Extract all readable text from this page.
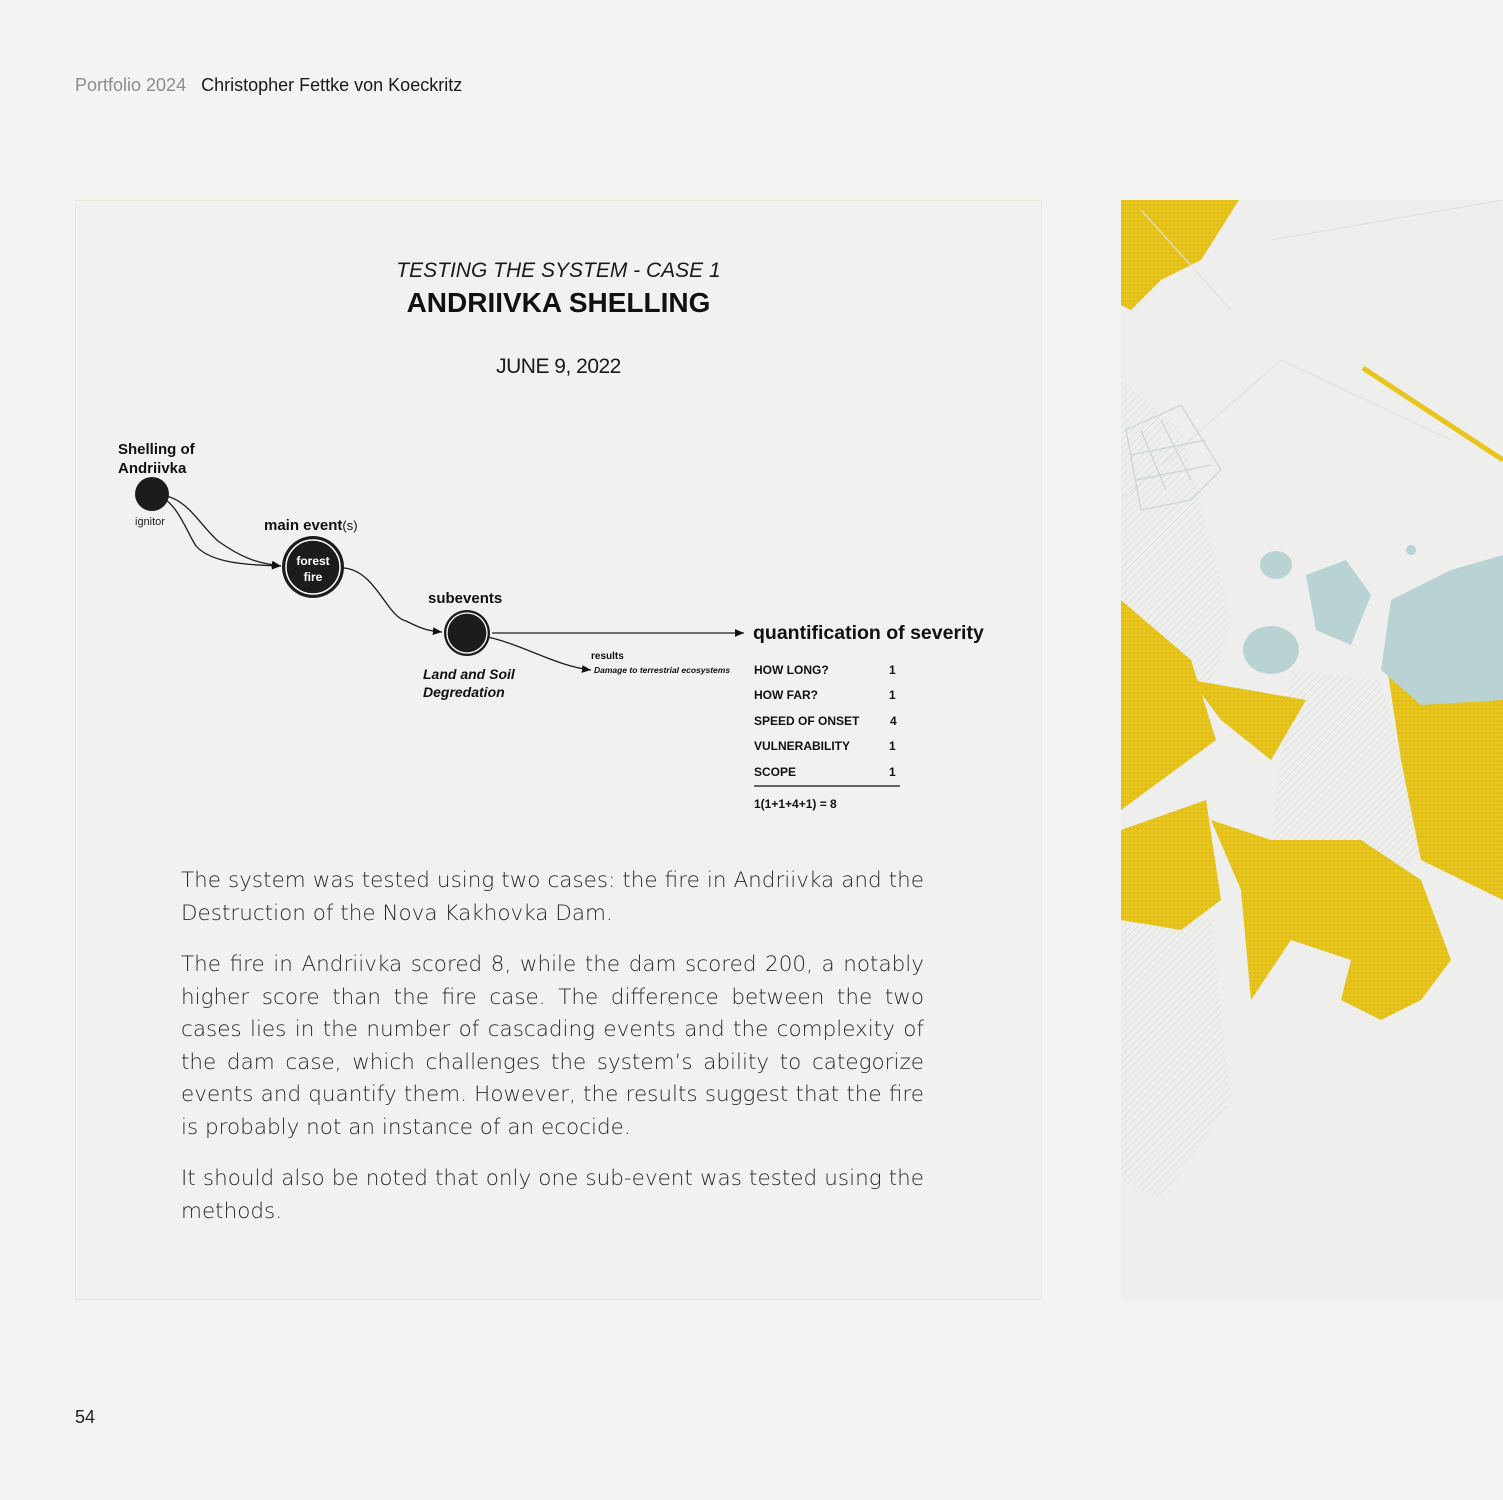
Portfolio 2024 Christopher Fettke von Koeckritz
TESTING THE SYSTEM - CASE 1
ANDRIIVKA SHELLING
JUNE 9, 2022
Shelling of
Andriivka
ignitor	main event(s)
forest
fire
subevents
Land and Soil
Degredation
results
Damage to terrestrial ecosystems
quantification of severity
HOW LONG?	1
HOW FAR?	1
SPEED OF ONSET	4
VULNERABILITY	1
SCOPE	1
1(1+1+4+1) = 8

The system was tested using two cases: the fire in Andriivka and the Destruction of the Nova Kakhovka Dam.

The fire in Andriivka scored 8, while the dam scored 200, a notably higher score than the fire case. The difference between the two cases lies in the number of cascading events and the complexity of the dam case, which challenges the system’s ability to categorize events and quantify them. However, the results suggest that the fire is probably not an instance of an ecocide.

It should also be noted that only one sub-event was tested using the methods.

54
